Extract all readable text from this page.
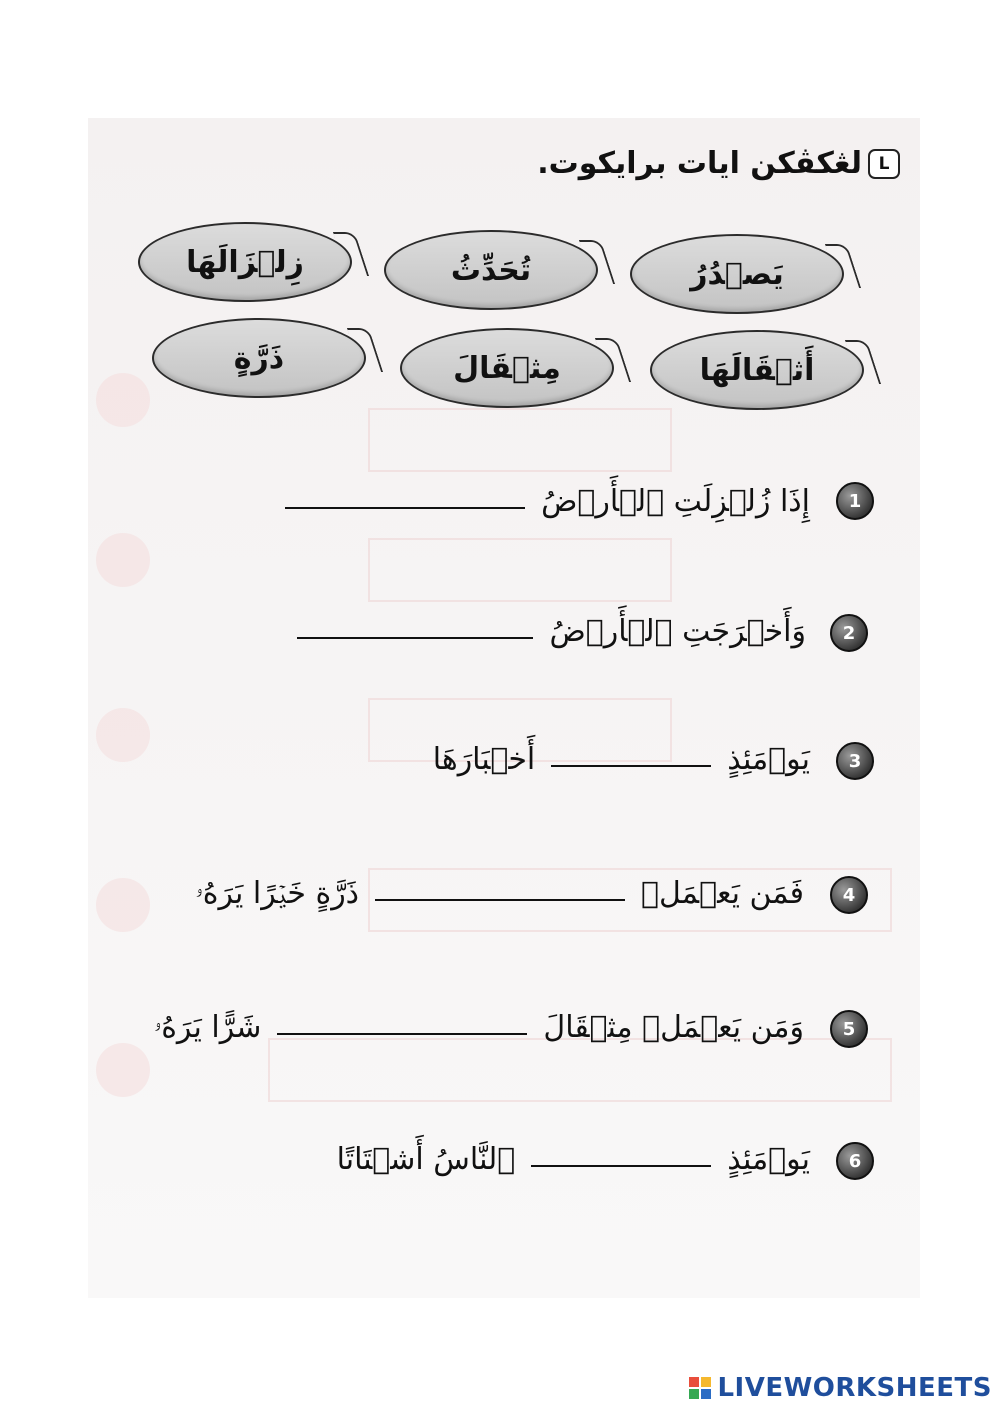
L
لڠكڤكن ايات برايكوت.
زِلۡزَالَهَا	تُحَدِّثُ	يَصۡدُرُ
ذَرَّةٍ	مِثۡقَالَ	أَثۡقَالَهَا
1
إِذَا زُلۡزِلَتِ ٱلۡأَرۡضُ
2
وَأَخۡرَجَتِ ٱلۡأَرۡضُ
3
يَوۡمَئِذٍ
أَخۡبَارَهَا
4
فَمَن يَعۡمَلۡ
ذَرَّةٍ خَيۡرًا يَرَهُۥ
5
وَمَن يَعۡمَلۡ مِثۡقَالَ
شَرًّا يَرَهُۥ
6
يَوۡمَئِذٍ
ٱلنَّاسُ أَشۡتَاتًا
LIVEWORKSHEETS
